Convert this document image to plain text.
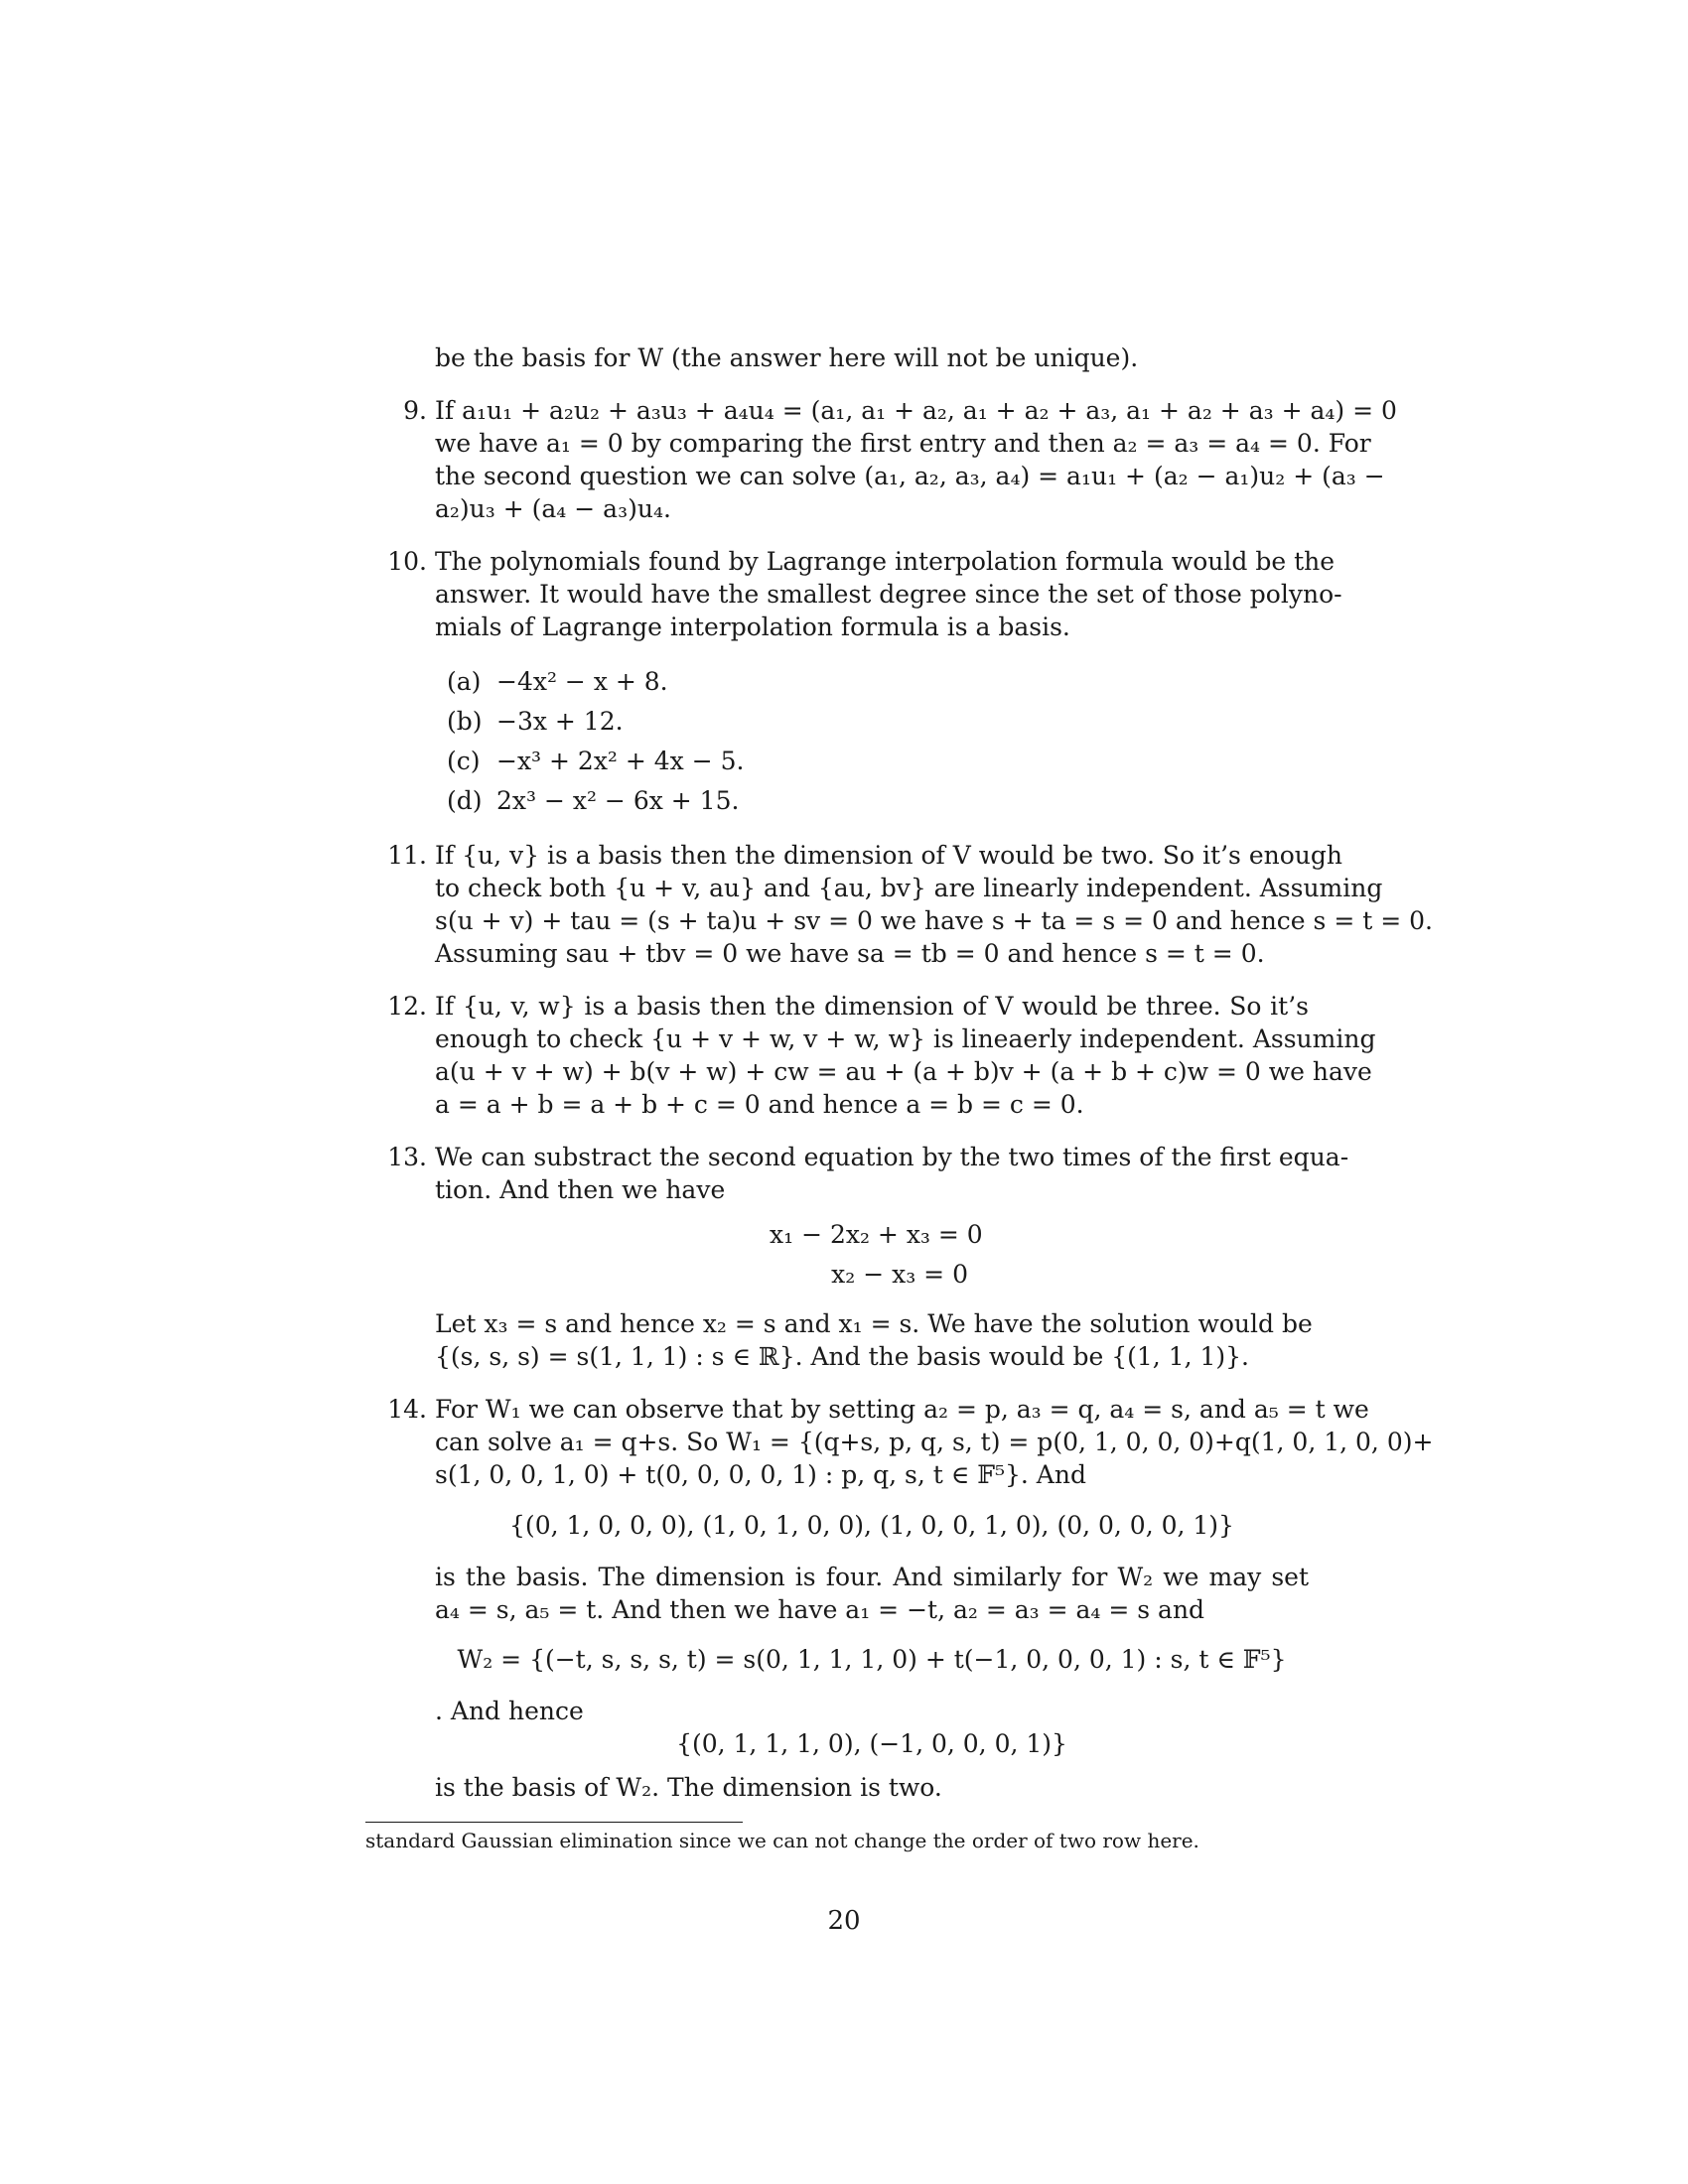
be the basis for W (the answer here will not be unique).
9. If a₁u₁ + a₂u₂ + a₃u₃ + a₄u₄ = (a₁, a₁ + a₂, a₁ + a₂ + a₃, a₁ + a₂ + a₃ + a₄) = 0
we have a₁ = 0 by comparing the first entry and then a₂ = a₃ = a₄ = 0. For
the second question we can solve (a₁, a₂, a₃, a₄) = a₁u₁ + (a₂ − a₁)u₂ + (a₃ −
a₂)u₃ + (a₄ − a₃)u₄.
10. The polynomials found by Lagrange interpolation formula would be the
answer. It would have the smallest degree since the set of those polyno-
mials of Lagrange interpolation formula is a basis.
(a) −4x² − x + 8.
(b) −3x + 12.
(c) −x³ + 2x² + 4x − 5.
(d) 2x³ − x² − 6x + 15.
11. If {u, v} is a basis then the dimension of V would be two. So it’s enough
to check both {u + v, au} and {au, bv} are linearly independent. Assuming
s(u + v) + tau = (s + ta)u + sv = 0 we have s + ta = s = 0 and hence s = t = 0.
Assuming sau + tbv = 0 we have sa = tb = 0 and hence s = t = 0.
12. If {u, v, w} is a basis then the dimension of V would be three. So it’s
enough to check {u + v + w, v + w, w} is lineaerly independent. Assuming
a(u + v + w) + b(v + w) + cw = au + (a + b)v + (a + b + c)w = 0 we have
a = a + b = a + b + c = 0 and hence a = b = c = 0.
13. We can substract the second equation by the two times of the first equa-
tion. And then we have
x₁ − 2x₂ + x₃ = 0
x₂ − x₃ = 0
Let x₃ = s and hence x₂ = s and x₁ = s. We have the solution would be
{(s, s, s) = s(1, 1, 1) : s ∈ ℝ}. And the basis would be {(1, 1, 1)}.
14. For W₁ we can observe that by setting a₂ = p, a₃ = q, a₄ = s, and a₅ = t we
can solve a₁ = q+s. So W₁ = {(q+s, p, q, s, t) = p(0, 1, 0, 0, 0)+q(1, 0, 1, 0, 0)+
s(1, 0, 0, 1, 0) + t(0, 0, 0, 0, 1) : p, q, s, t ∈ 𝔽⁵}. And
{(0, 1, 0, 0, 0), (1, 0, 1, 0, 0), (1, 0, 0, 1, 0), (0, 0, 0, 0, 1)}
is the basis. The dimension is four. And similarly for W₂ we may set
a₄ = s, a₅ = t. And then we have a₁ = −t, a₂ = a₃ = a₄ = s and
W₂ = {(−t, s, s, s, t) = s(0, 1, 1, 1, 0) + t(−1, 0, 0, 0, 1) : s, t ∈ 𝔽⁵}
. And hence
{(0, 1, 1, 1, 0), (−1, 0, 0, 0, 1)}
is the basis of W₂. The dimension is two.
standard Gaussian elimination since we can not change the order of two row here.
20
